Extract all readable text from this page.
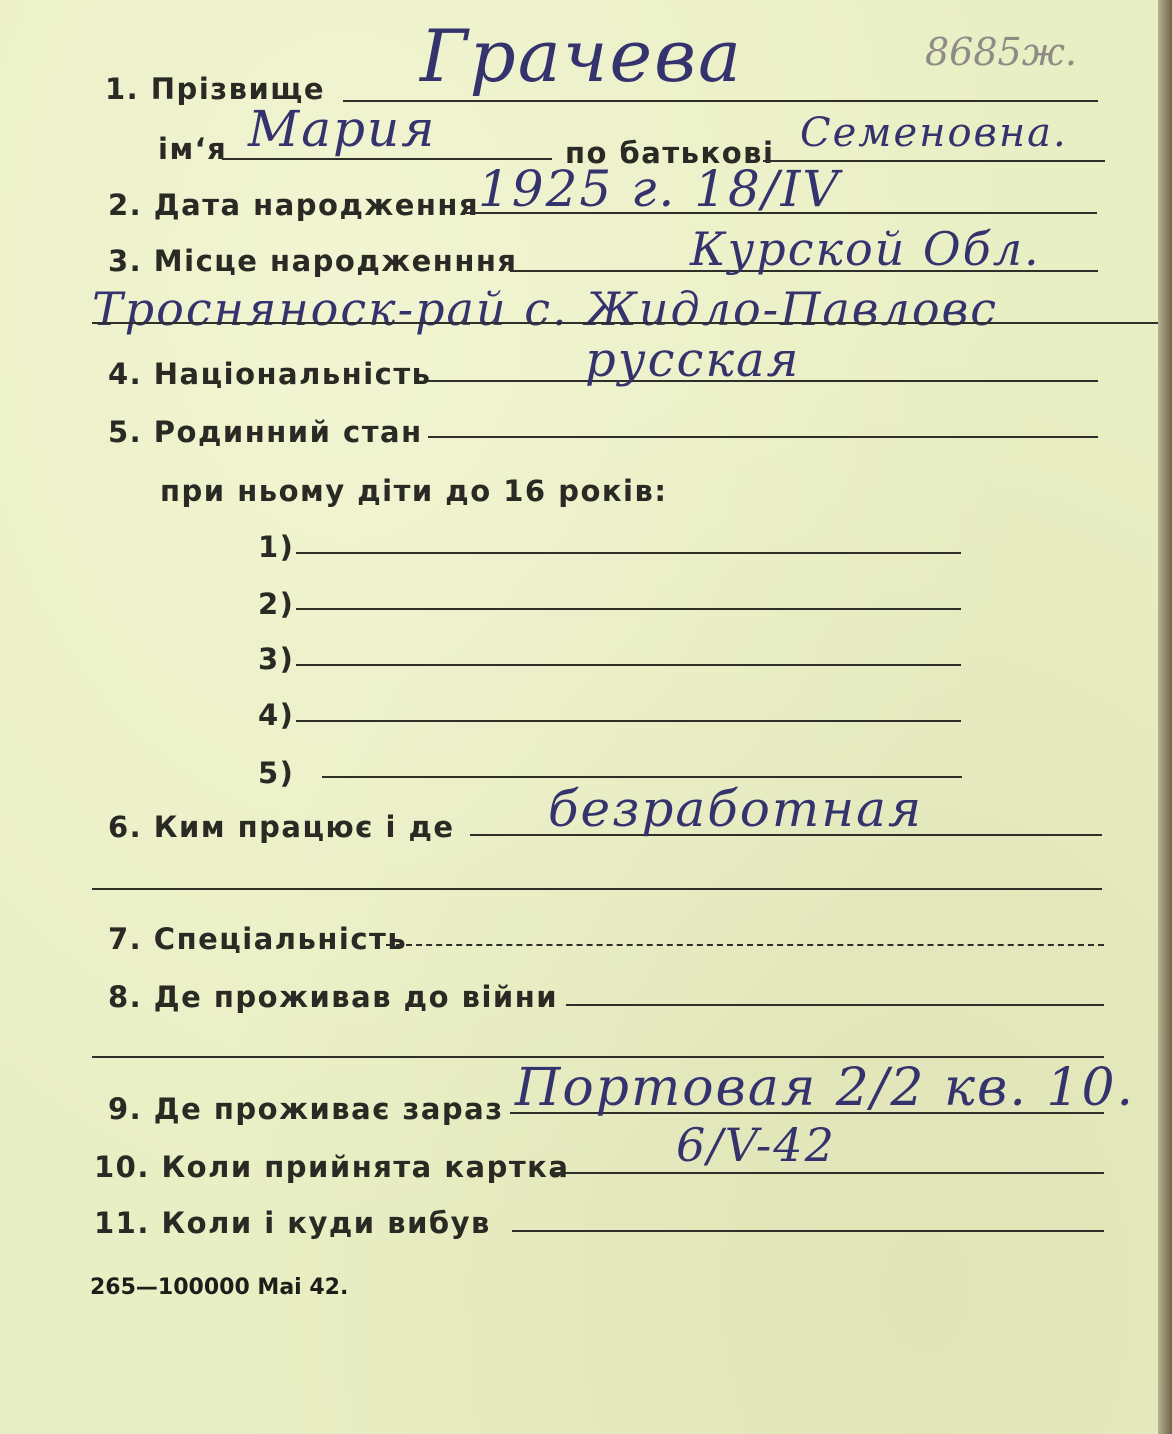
1. Прізвище Грачева	8685ж.
ім‘я Мария	по батькові Семеновна.
2. Дата народження
1925 г. 18/IV
3. Місце народженння	Курской Обл.
Тросняноск-рай с. Жидло-Павловс
4. Національність	русская
5. Родинний стан
при ньому діти до 16 років:
1)
2)
3)
4)
5)
6. Ким працює і де безработная
7. Спеціальність
8. Де проживав до війни
9. Де проживає зараз Портовая 2/2 кв. 10.
10. Коли прийнята картка 6/V-42
11. Коли і куди вибув
265—100000 Mai 42.
